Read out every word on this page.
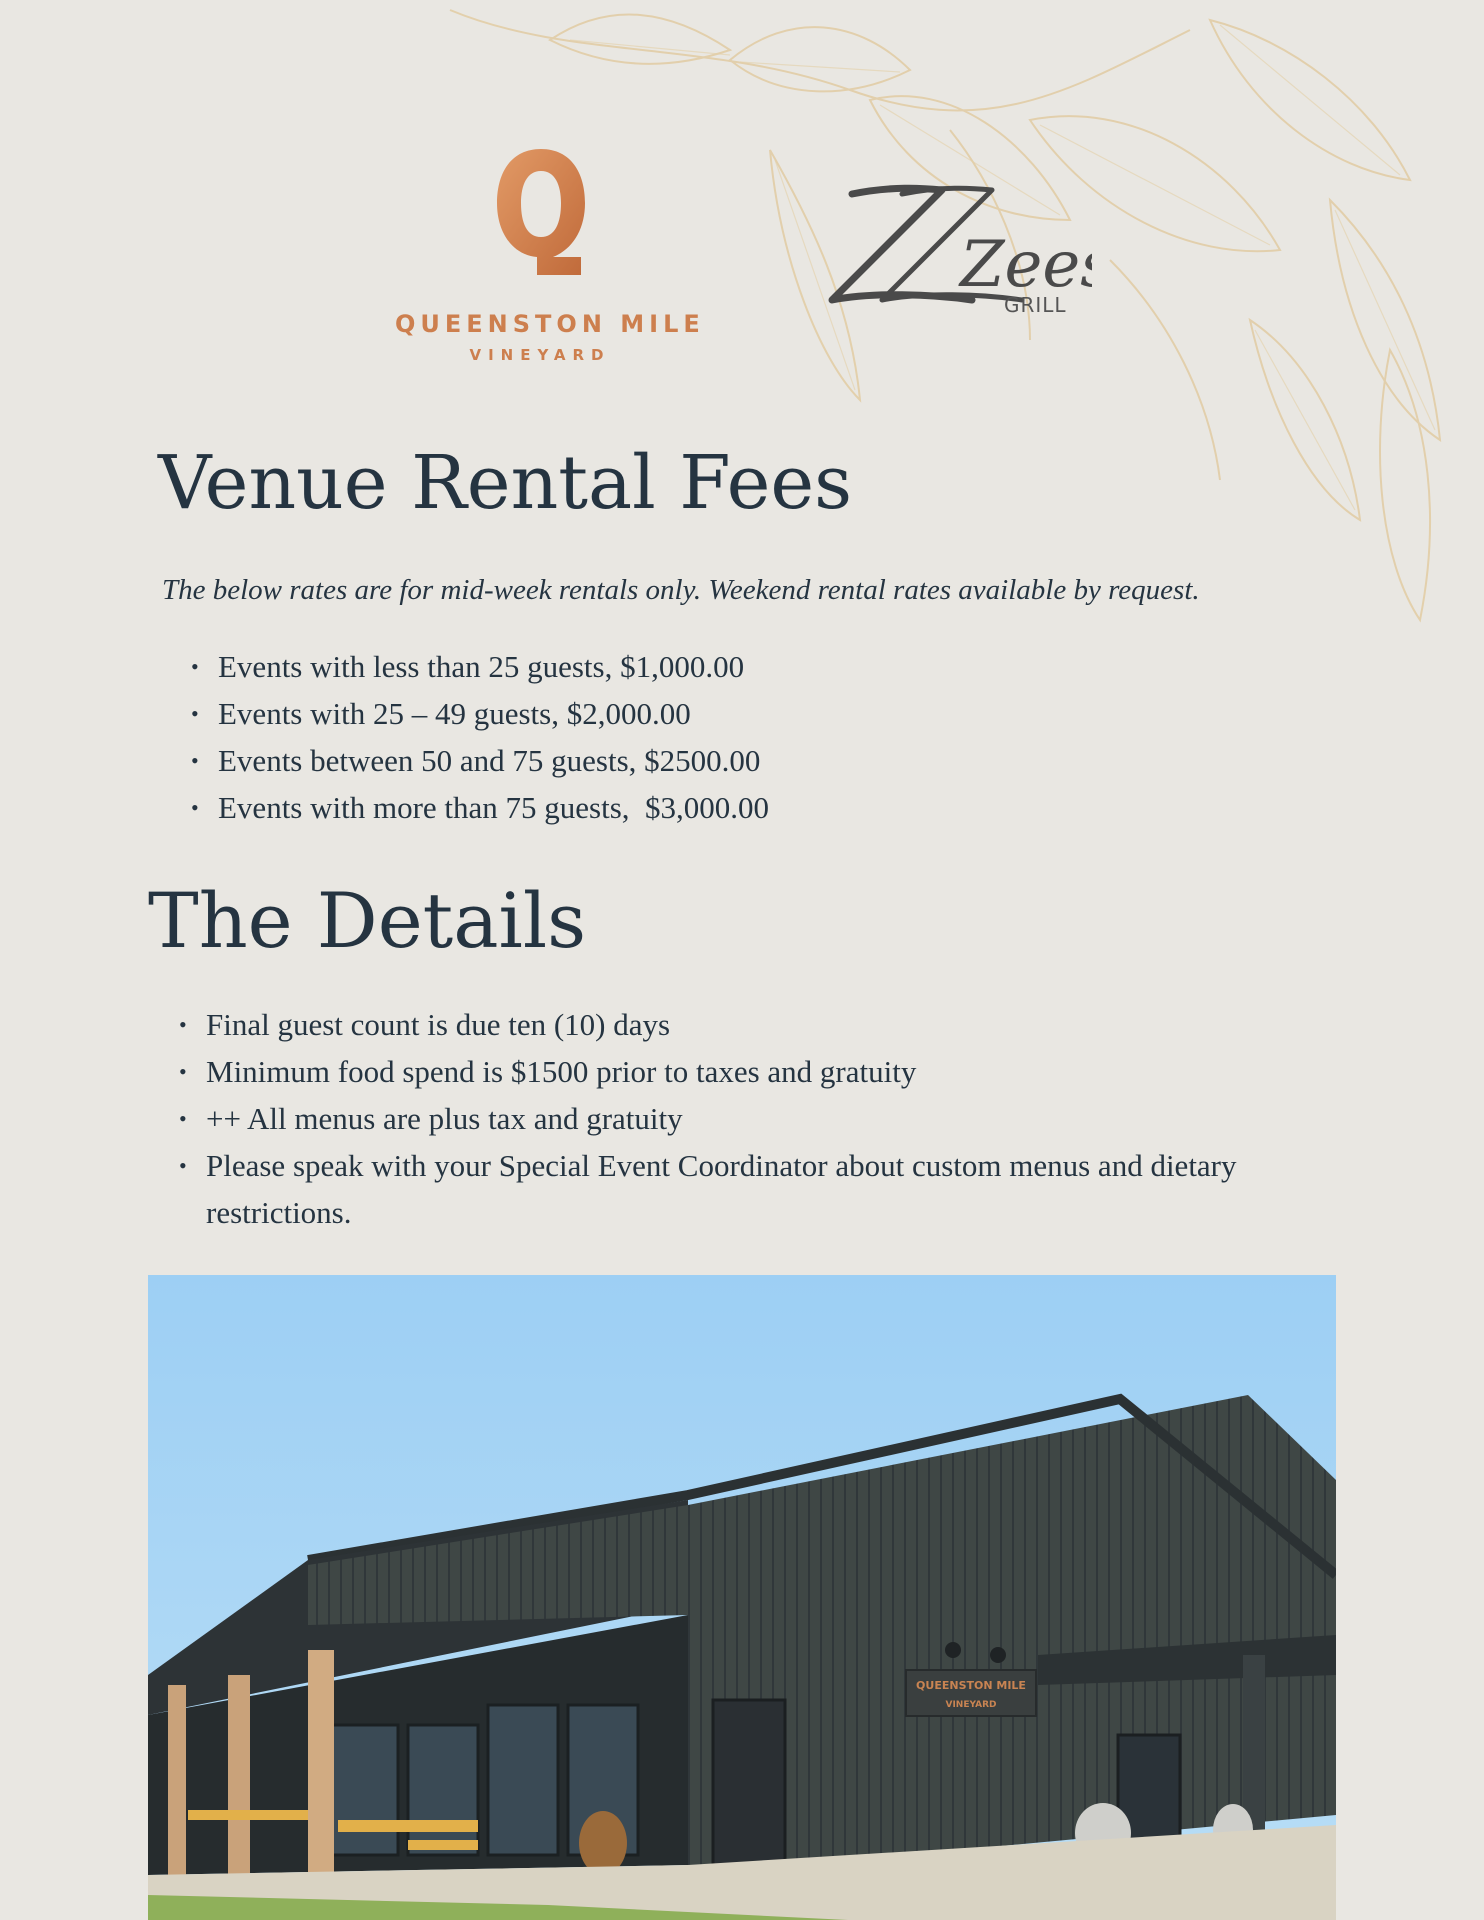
QUEENSTON MILE
VINEYARD
Zee
GRILL
Venue Rental Fees
The below rates are for mid-week rentals only. Weekend rental rates available by request.
• Events with less than 25 guests, $1,000.00
• Events with 25 – 49 guests, $2,000.00
• Events between 50 and 75 guests, $2500.00
• Events with more than 75 guests,  $3,000.00
The Details
• Final guest count is due ten (10) days
• Minimum food spend is $1500 prior to taxes and gratuity
• ++ All menus are plus tax and gratuity
• Please speak with your Special Event Coordinator about custom menus and dietary restrictions.
QUEENSTON MILE
VINEYARD
